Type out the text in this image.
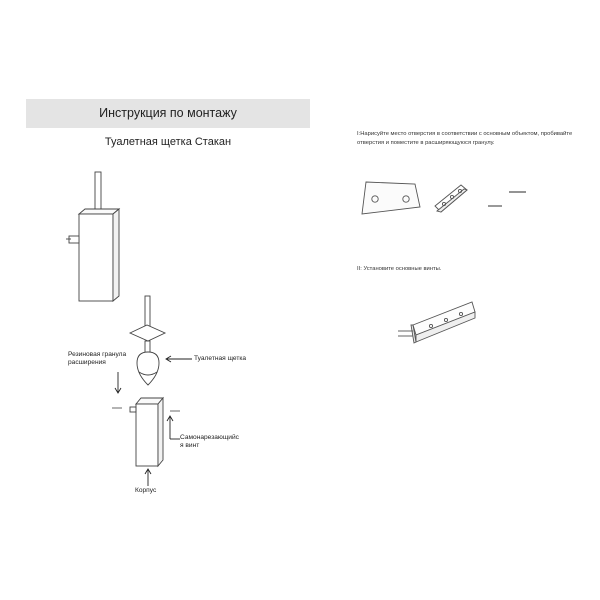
Инструкция по монтажу
Туалетная щетка Стакан
Резиновая гранула расширения
Туалетная щетка
Самонарезающийс я винт
Корпус
I:Нарисуйте место отверстия в соответствии с основным объектом, пробивайте отверстия и поместите в расширяющуюся гранулу.
II: Установите основные винты.
